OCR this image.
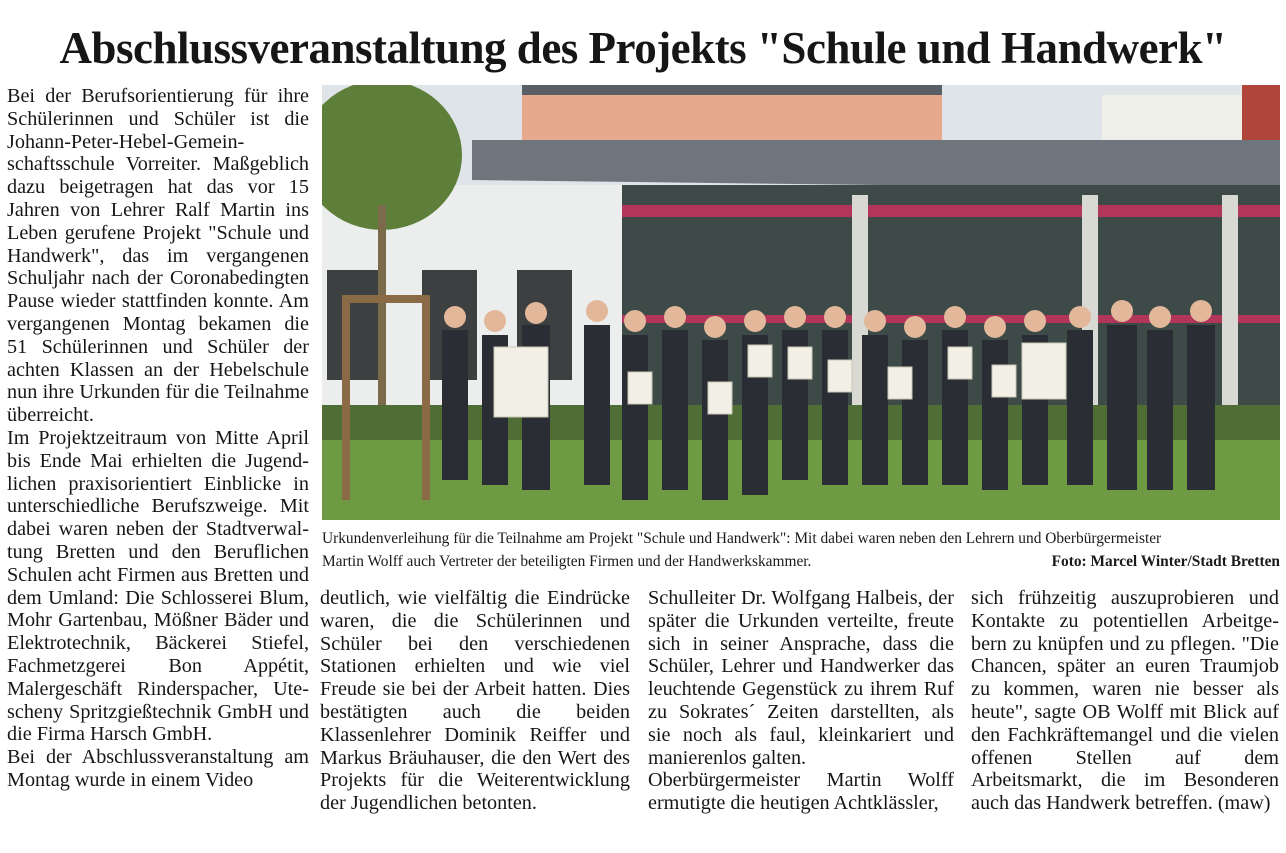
Abschlussveranstaltung des Projekts "Schule und Handwerk"

Bei der Berufsorientierung für ihre Schülerinnen und Schüler ist die Johann-Peter-Hebel-Gemeinschaftsschule Vorreiter. Maßgeblich dazu beigetragen hat das vor 15 Jahren von Lehrer Ralf Martin ins Leben gerufene Projekt "Schule und Handwerk", das im vergangenen Schuljahr nach der Coronabedingten Pause wieder stattfinden konnte. Am vergangenen Montag bekamen die 51 Schülerinnen und Schüler der achten Klassen an der Hebelschule nun ihre Urkunden für die Teilnahme überreicht.

Im Projektzeitraum von Mitte April bis Ende Mai erhielten die Jugendlichen praxisorientiert Einblicke in unterschiedliche Berufszweige. Mit dabei waren neben der Stadtverwaltung Bretten und den Beruflichen Schulen acht Firmen aus Bretten und dem Umland: Die Schlosserei Blum, Mohr Gartenbau, Mößner Bäder und Elektrotechnik, Bäckerei Stiefel, Fachmetzgerei Bon Appétit, Malergeschäft Rinderspacher, Utescheny Spritzgießtechnik GmbH und die Firma Harsch GmbH.

Bei der Abschlussveranstaltung am Montag wurde in einem Video

Urkundenverleihung für die Teilnahme am Projekt "Schule und Handwerk": Mit dabei waren neben den Lehrern und Oberbürgermeister
Martin Wolff auch Vertreter der beteiligten Firmen und der Handwerkskammer.	Foto: Marcel Winter/Stadt Bretten

deutlich, wie vielfältig die Eindrücke waren, die die Schülerinnen und Schüler bei den verschiedenen Stationen erhielten und wie viel Freude sie bei der Arbeit hatten. Dies bestätigten auch die beiden Klassenlehrer Dominik Reiffer und Markus Bräuhauser, die den Wert des Projekts für die Weiterentwicklung der Jugendlichen betonten.

Schulleiter Dr. Wolfgang Halbeis, der später die Urkunden verteilte, freute sich in seiner Ansprache, dass die Schüler, Lehrer und Handwerker das leuchtende Gegenstück zu ihrem Ruf zu Sokrates´ Zeiten darstellten, als sie noch als faul, kleinkariert und manierenlos galten.

Oberbürgermeister Martin Wolff ermutigte die heutigen Achtklässler,

sich frühzeitig auszuprobieren und Kontakte zu potentiellen Arbeitgebern zu knüpfen und zu pflegen. "Die Chancen, später an euren Traumjob zu kommen, waren nie besser als heute", sagte OB Wolff mit Blick auf den Fachkräftemangel und die vielen offenen Stellen auf dem Arbeitsmarkt, die im Besonderen auch das Handwerk betreffen. (maw)
